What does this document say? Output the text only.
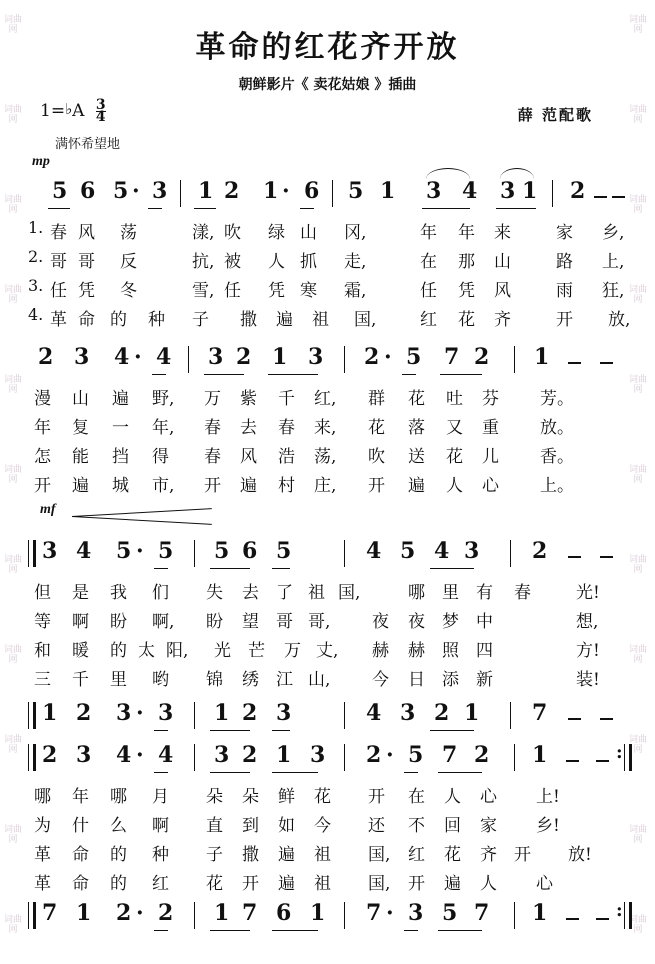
词曲网
词曲网
词曲网
词曲网
词曲网
词曲网
词曲网
词曲网
词曲网
词曲网
词曲网
词曲网
词曲网
词曲网
词曲网
词曲网
词曲网
词曲网
词曲网
词曲网
词曲网
词曲网
革命的红花齐开放
朝鲜影片《 卖花姑娘 》插曲
薛 范配歌
1=♭A $\frac{3}{4}$
满怀希望地
mp
mf
5 6 5 · 3 1 2 1 · 6 5 1 3 4 3 1 2
1. 春 风 荡	漾, 吹 绿 山 冈,	年 年 来	家 乡,
2. 哥 哥 反	抗, 被 人 抓 走,	在 那 山	路 上,
3. 任 凭 冬	雪, 任 凭 寒 霜,	任 凭 风	雨 狂,
4. 革 命 的 种 子 撒 遍 祖 国,	红 花 齐	开 放,
2 3 4 · 4 3 2 1 3 2 · 5 7 2 1
漫 山 遍 野, 万 紫 千 红, 群 花 吐 芬 芳。
年 复 一 年, 春 去 春 来, 花 落 又 重 放。
怎 能 挡 得 春 风 浩 荡, 吹 送 花 儿 香。
开 遍 城 市, 开 遍 村 庄, 开 遍 人 心 上。
3 4 5 · 5 5 6 5	4 5 4 3 2
但 是 我 们 失 去 了 祖 国,	哪 里 有 春	光!
等 啊 盼 啊, 盼 望 哥 哥, 夜 夜 梦 中	想,
和 暖 的 太 阳, 光 芒 万 丈, 赫 赫 照 四	方!
三 千 里 哟 锦 绣 江 山, 今 日 添 新	装!
1 2 3 · 3 1 2 3	4 3 2 1 7
2 3 4 · 4 3 2 1 3 2 · 5 7 2 1	:
哪 年 哪 月 朵 朵 鲜 花 开 在 人 心 上!
为 什 么 啊 直 到 如 今 还 不 回 家 乡!
革 命 的 种 子 撒 遍 祖 国, 红 花 齐 开 放!
革 命 的 红 花 开 遍 祖 国, 开 遍 人 心
7 1 2 · 2 1 7 6 1 7 · 3 5 7 1	:
